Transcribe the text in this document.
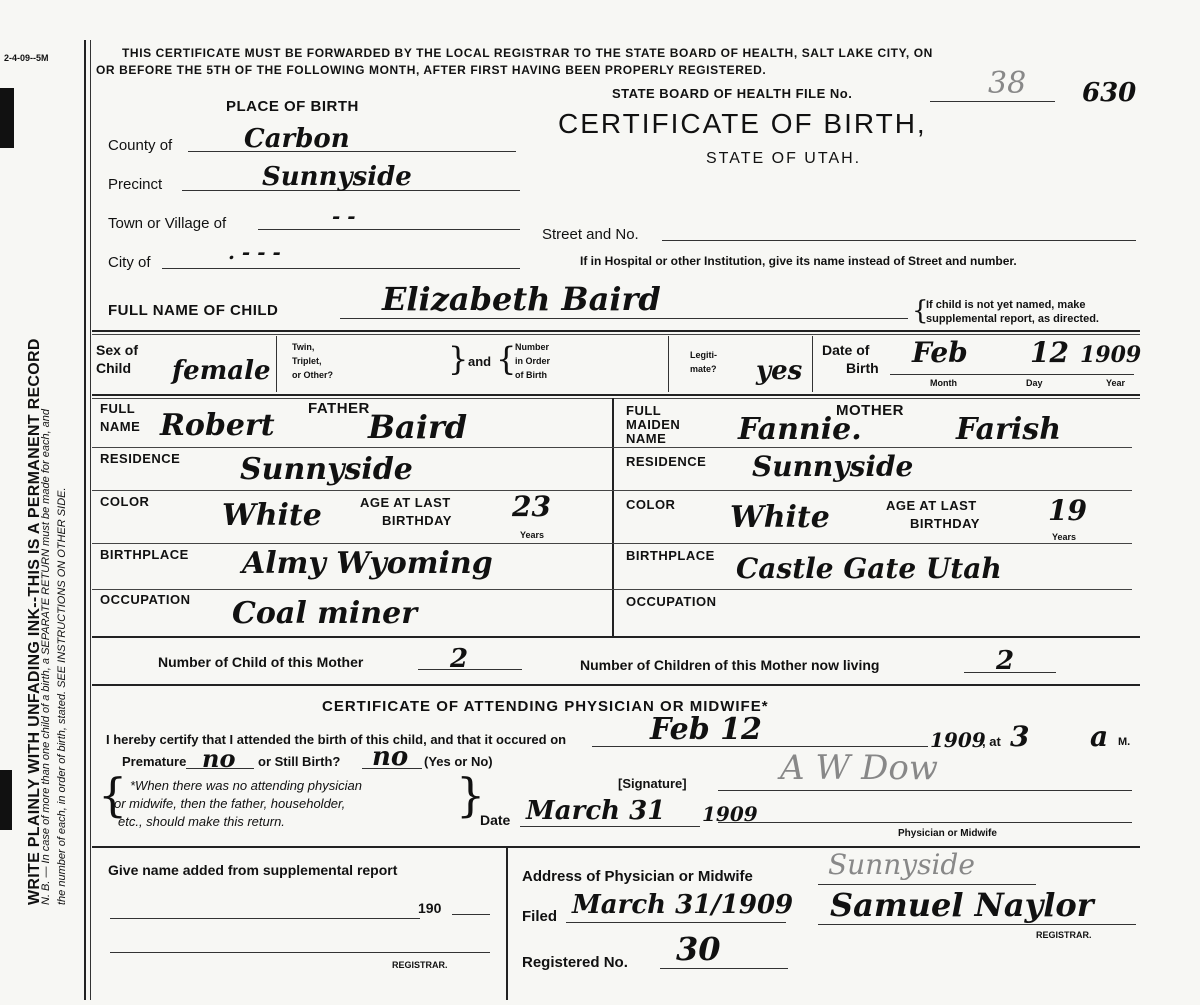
2-4-09--5M
WRITE PLAINLY WITH UNFADING INK--THIS IS A PERMANENT RECORD
N. B. — In case of more than one child of a birth, a SEPARATE RETURN must be made for each, and the number of each, in order of birth, stated. SEE INSTRUCTIONS ON OTHER SIDE.
THIS CERTIFICATE MUST BE FORWARDED BY THE LOCAL REGISTRAR TO THE STATE BOARD OF HEALTH, SALT LAKE CITY, ON
OR BEFORE THE 5TH OF THE FOLLOWING MONTH, AFTER FIRST HAVING BEEN PROPERLY REGISTERED.
STATE BOARD OF HEALTH FILE No.	38 630
CERTIFICATE OF BIRTH,
STATE OF UTAH.
PLACE OF BIRTH
County of	Carbon
Precinct	Sunnyside
Town or Village of	- -
City of	. - - -
Street and No.
If in Hospital or other Institution, give its name instead of Street and number.
FULL NAME OF CHILD	Elizabeth Baird	{
If child is not yet named, make
supplemental report, as directed.
Sex of
Child female
Twin,
Triplet,
or Other?	} and {
Number
in Order
of Birth
Legiti-
mate? yes
Date of
Birth Feb 12 1909
Month	Day	Year
FULL
NAME
FATHER
Robert	Baird
RESIDENCE Sunnyside
COLOR White	AGE AT LAST
BIRTHDAY 23
Years
BIRTHPLACE Almy Wyoming
OCCUPATION Coal miner
FULL
MAIDEN
NAME
MOTHER
Fannie.	Farish
RESIDENCE Sunnyside
COLOR White	AGE AT LAST
BIRTHDAY 19
Years
BIRTHPLACE Castle Gate Utah
OCCUPATION
Number of Child of this Mother	2	Number of Children of this Mother now living	2
CERTIFICATE OF ATTENDING PHYSICIAN OR MIDWIFE*
I hereby certify that I attended the birth of this child, and that it occured on	Feb 12	1909
, at 3 a M.
Premature no or Still Birth? no (Yes or No)
{ *When there was no attending physician
or midwife, then the father, householder,
etc., should make this return.	}	[Signature]	A W Dow
Date March 31 1909
Physician or Midwife
Give name added from supplemental report
190
REGISTRAR.
Address of Physician or Midwife	Sunnyside
Filed March 31/1909 Samuel Naylor
REGISTRAR.
Registered No. 30
